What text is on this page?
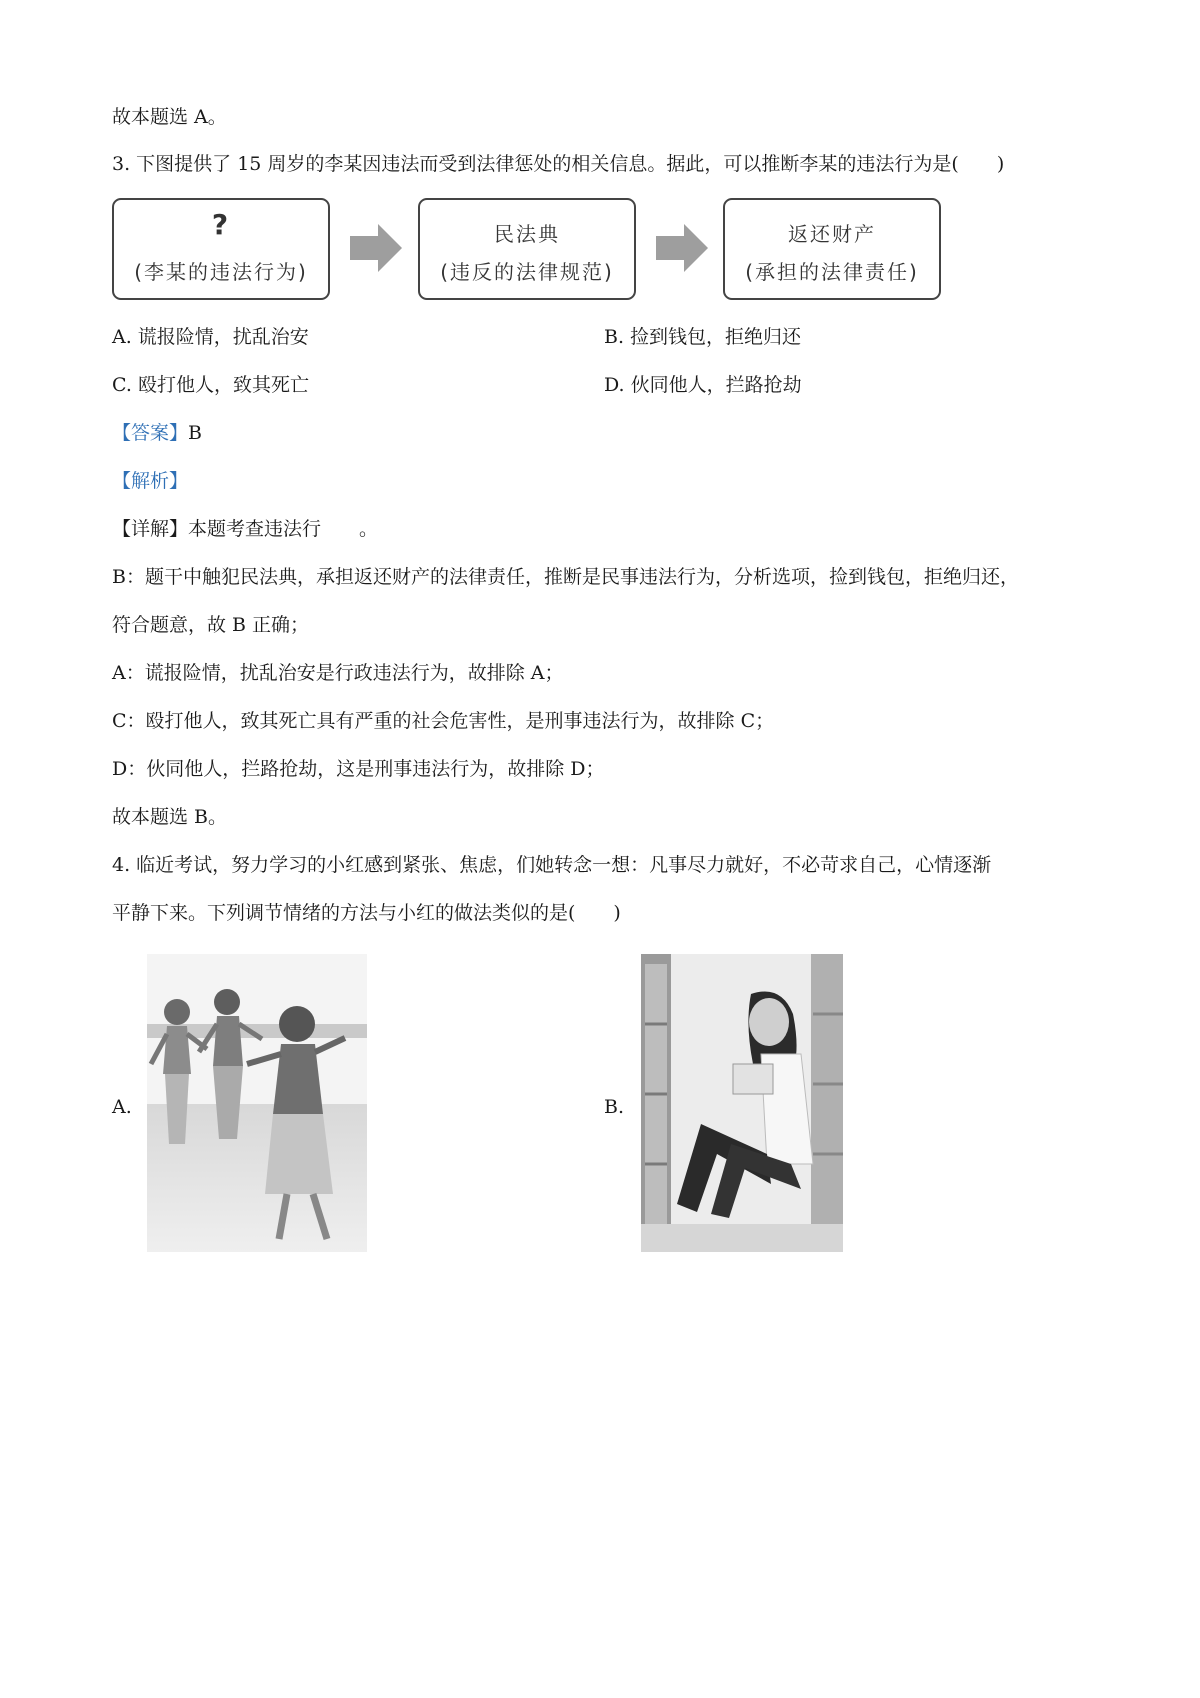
故本题选 A。
3. 下图提供了 15 周岁的李某因违法而受到法律惩处的相关信息。据此，可以推断李某的违法行为是(　　)
?
(李某的违法行为)
民法典
(违反的法律规范)
返还财产
(承担的法律责任)
A. 谎报险情，扰乱治安	B. 捡到钱包，拒绝归还
C. 殴打他人，致其死亡	D. 伙同他人，拦路抢劫
【答案】B
【解析】
【详解】本题考查违法行　　。
B：题干中触犯民法典，承担返还财产的法律责任，推断是民事违法行为，分析选项，捡到钱包，拒绝归还，
符合题意，故 B 正确；
A：谎报险情，扰乱治安是行政违法行为，故排除 A；
C：殴打他人，致其死亡具有严重的社会危害性，是刑事违法行为，故排除 C；
D：伙同他人，拦路抢劫，这是刑事违法行为，故排除 D；
故本题选 B。
4. 临近考试，努力学习的小红感到紧张、焦虑，们她转念一想：凡事尽力就好，不必苛求自己，心情逐渐
平静下来。下列调节情绪的方法与小红的做法类似的是(　　)
A.	B.
